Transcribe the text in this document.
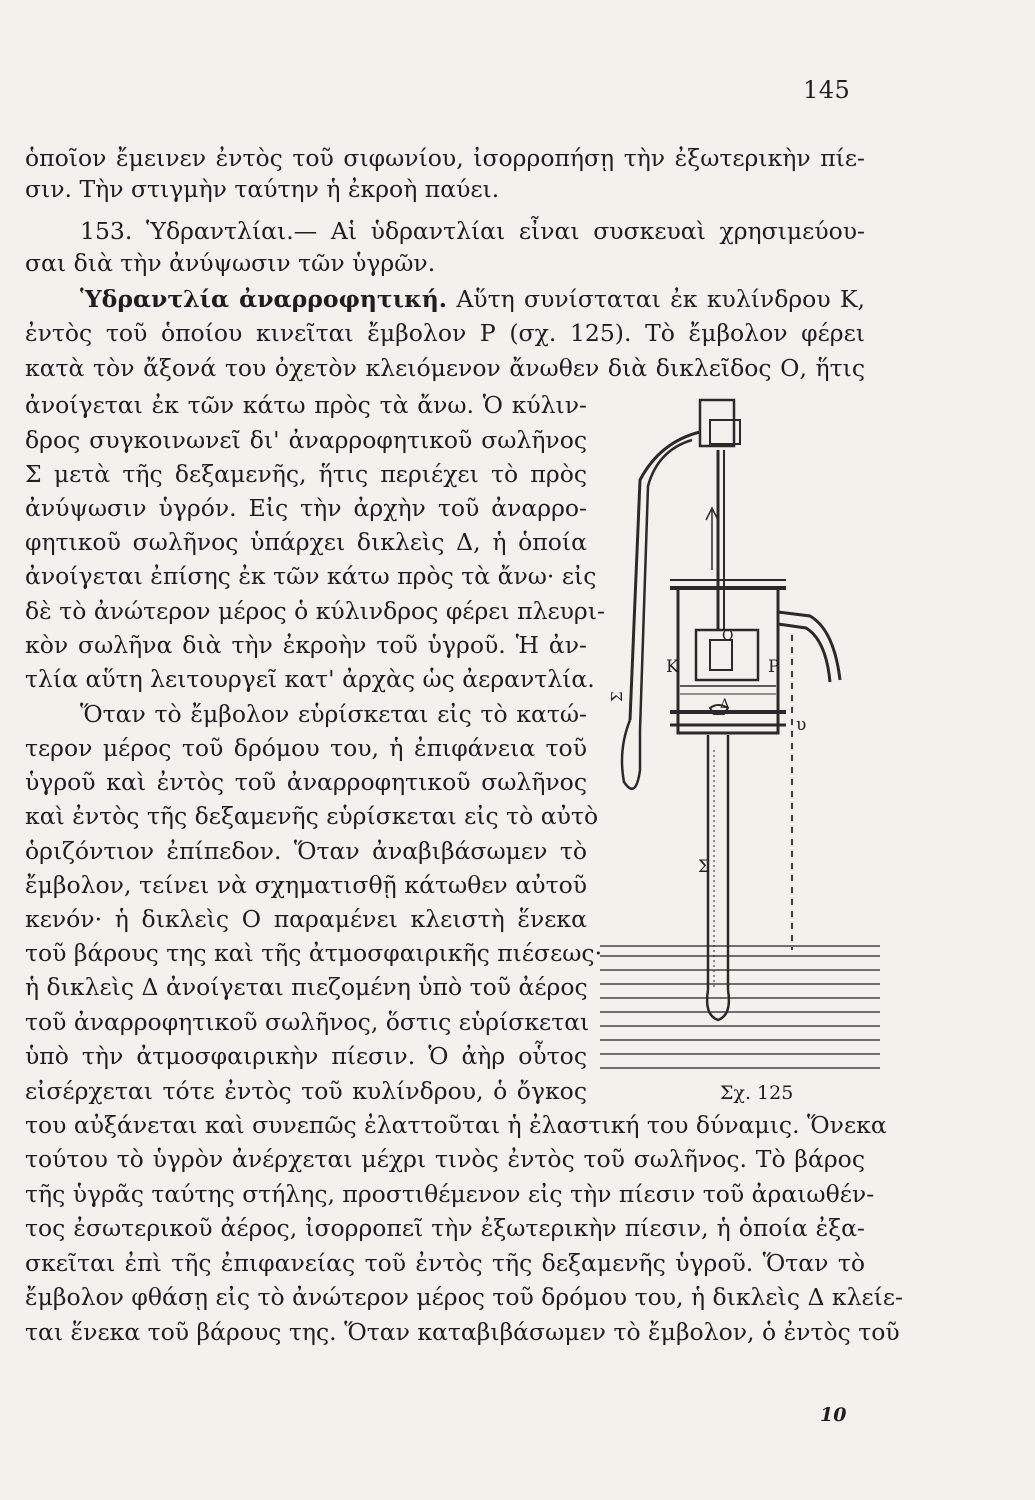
145

ὁποῖον ἔμεινεν ἐντὸς τοῦ σιφωνίου, ἰσορροπήσῃ τὴν ἐξωτερικὴν πίε-

σιν. Τὴν στιγμὴν ταύτην ἡ ἐκροὴ παύει.

153. Ὑδραντλίαι.— Αἱ ὑδραντλίαι εἶναι συσκευαὶ χρησιμεύου-

σαι διὰ τὴν ἀνύψωσιν τῶν ὑγρῶν.

Ὑδραντλία ἀναρροφητική. Αὕτη συνίσταται ἐκ κυλίνδρου Κ,

ἐντὸς τοῦ ὁποίου κινεῖται ἔμβολον Ρ (σχ. 125). Τὸ ἔμβολον φέρει

κατὰ τὸν ἄξονά του ὀχετὸν κλειόμενον ἄνωθεν διὰ δικλεῖδος Ο, ἥτις

ἀνοίγεται ἐκ τῶν κάτω πρὸς τὰ ἄνω. Ὁ κύλιν-

δρος συγκοινωνεῖ δι' ἀναρροφητικοῦ σωλῆνος

Σ μετὰ τῆς δεξαμενῆς, ἥτις περιέχει τὸ πρὸς

ἀνύψωσιν ὑγρόν. Εἰς τὴν ἀρχὴν τοῦ ἀναρρο-

φητικοῦ σωλῆνος ὑπάρχει δικλεὶς Δ, ἡ ὁποία

ἀνοίγεται ἐπίσης ἐκ τῶν κάτω πρὸς τὰ ἄνω· εἰς

δὲ τὸ ἀνώτερον μέρος ὁ κύλινδρος φέρει πλευρι-

κὸν σωλῆνα διὰ τὴν ἐκροὴν τοῦ ὑγροῦ. Ἡ ἀν-

τλία αὕτη λειτουργεῖ κατ' ἀρχὰς ὡς ἀεραντλία.

Ὅταν τὸ ἔμβολον εὑρίσκεται εἰς τὸ κατώ-

τερον μέρος τοῦ δρόμου του, ἡ ἐπιφάνεια τοῦ

ὑγροῦ καὶ ἐντὸς τοῦ ἀναρροφητικοῦ σωλῆνος

καὶ ἐντὸς τῆς δεξαμενῆς εὑρίσκεται εἰς τὸ αὐτὸ

ὁριζόντιον ἐπίπεδον. Ὅταν ἀναβιβάσωμεν τὸ

ἔμβολον, τείνει νὰ σχηματισθῇ κάτωθεν αὐτοῦ

κενόν· ἡ δικλεὶς Ο παραμένει κλειστὴ ἕνεκα

τοῦ βάρους της καὶ τῆς ἀτμοσφαιρικῆς πιέσεως·

ἡ δικλεὶς Δ ἀνοίγεται πιεζομένη ὑπὸ τοῦ ἀέρος

τοῦ ἀναρροφητικοῦ σωλῆνος, ὅστις εὑρίσκεται

ὑπὸ τὴν ἀτμοσφαιρικὴν πίεσιν. Ὁ ἀὴρ οὗτος

εἰσέρχεται τότε ἐντὸς τοῦ κυλίνδρου, ὁ ὄγκος

του αὐξάνεται καὶ συνεπῶς ἐλαττοῦται ἡ ἐλαστική του δύναμις. Ὅνεκα

τούτου τὸ ὑγρὸν ἀνέρχεται μέχρι τινὸς ἐντὸς τοῦ σωλῆνος. Τὸ βάρος

τῆς ὑγρᾶς ταύτης στήλης, προστιθέμενον εἰς τὴν πίεσιν τοῦ ἀραιωθέν-

τος ἐσωτερικοῦ ἀέρος, ἰσορροπεῖ τὴν ἐξωτερικὴν πίεσιν, ἡ ὁποία ἐξα-

σκεῖται ἐπὶ τῆς ἐπιφανείας τοῦ ἐντὸς τῆς δεξαμενῆς ὑγροῦ. Ὅταν τὸ

ἔμβολον φθάσῃ εἰς τὸ ἀνώτερον μέρος τοῦ δρόμου του, ἡ δικλεὶς Δ κλείε-

ται ἕνεκα τοῦ βάρους της. Ὅταν καταβιβάσωμεν τὸ ἔμβολον, ὁ ἐντὸς τοῦ

Κ	Ρ
Ο
Δ
Σ
υ
Σ
Σχ. 125
10
